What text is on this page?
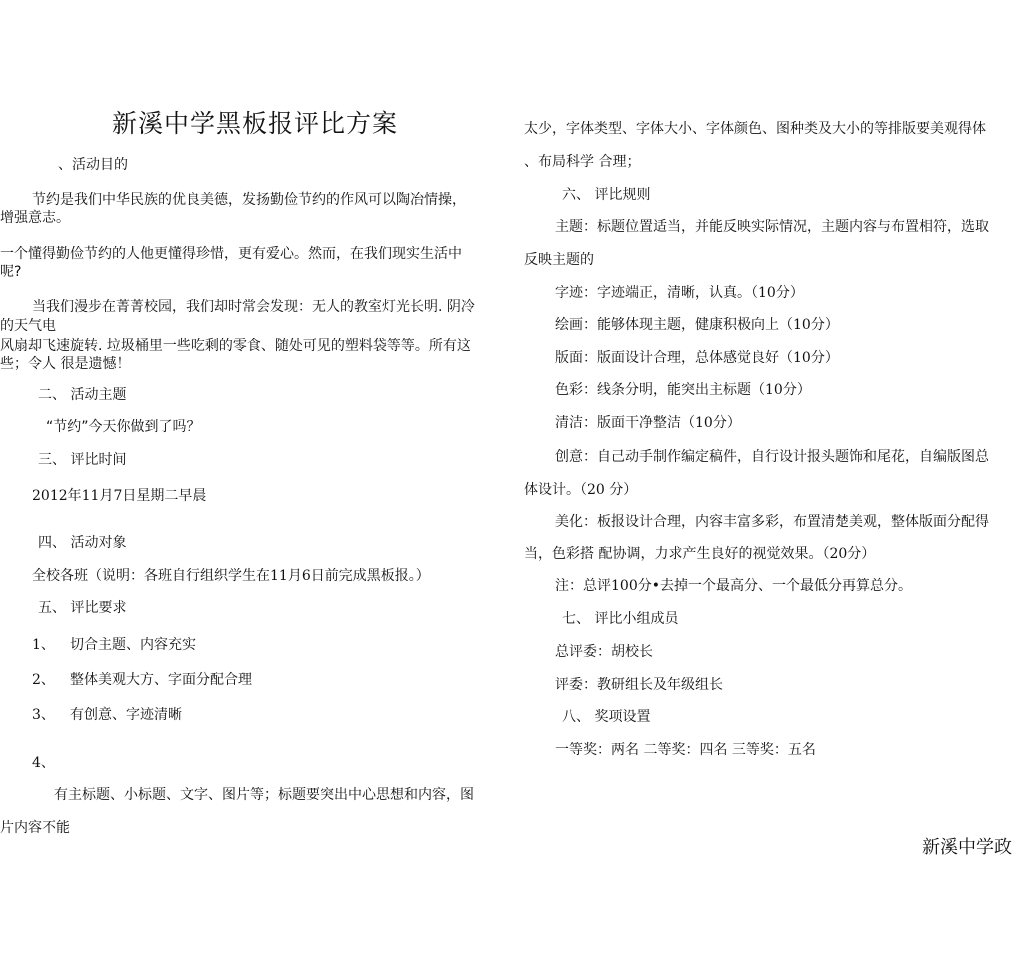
新溪中学黑板报评比方案
、活动目的
节约是我们中华民族的优良美德，发扬勤俭节约的作风可以陶冶情操，
增强意志。
一个懂得勤俭节约的人他更懂得珍惜，更有爱心。然而，在我们现实生活中
呢?
当我们漫步在菁菁校园，我们却时常会发现：无人的教室灯光长明. 阴冷
的天气电
风扇却飞速旋转. 垃圾桶里一些吃剩的零食、随处可见的塑料袋等等。所有这
些；令人 很是遗憾！
二、 活动主题
“节约”今天你做到了吗？
三、 评比时间
2012年11月7日星期二早晨
四、 活动对象
全校各班（说明：各班自行组织学生在11月6日前完成黑板报。）
五、 评比要求
1、 切合主题、内容充实
2、 整体美观大方、字面分配合理
3、 有创意、字迹清晰
4、
有主标题、小标题、文字、图片等；标题要突出中心思想和内容，图
片内容不能
太少，字体类型、字体大小、字体颜色、图种类及大小的等排版要美观得体
、布局科学 合理；
六、 评比规则
主题：标题位置适当，并能反映实际情况，主题内容与布置相符，选取
反映主题的
字迹：字迹端正，清晰，认真。（10分）
绘画：能够体现主题，健康积极向上（10分）
版面：版面设计合理，总体感觉良好（10分）
色彩：线条分明，能突出主标题（10分）
清洁：版面干净整洁（10分）
创意：自己动手制作编定稿件，自行设计报头题饰和尾花，自编版图总
体设计。（20 分）
美化：板报设计合理，内容丰富多彩，布置清楚美观，整体版面分配得
当，色彩搭 配协调，力求产生良好的视觉效果。（20分）
注：总评100分•去掉一个最高分、一个最低分再算总分。
七、 评比小组成员
总评委：胡校长
评委：教研组长及年级组长
八、 奖项设置
一等奖：两名 二等奖：四名 三等奖：五名
新溪中学政
